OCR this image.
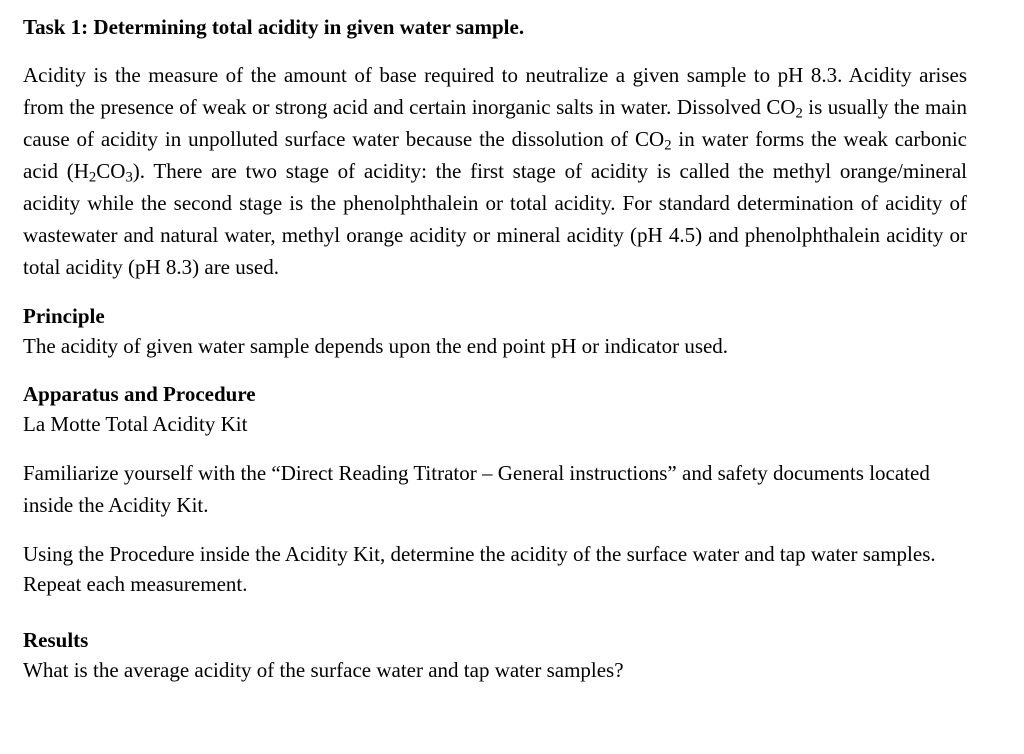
Task 1: Determining total acidity in given water sample.

Acidity is the measure of the amount of base required to neutralize a given sample to pH 8.3. Acidity arises from the presence of weak or strong acid and certain inorganic salts in water. Dissolved $CO_2$ is usually the main cause of acidity in unpolluted surface water because the dissolution of $CO_2$ in water forms the weak carbonic acid $(H_2CO_3)$. There are two stage of acidity: the first stage of acidity is called the methyl orange/mineral acidity while the second stage is the phenolphthalein or total acidity. For standard determination of acidity of wastewater and natural water, methyl orange acidity or mineral acidity (pH 4.5) and phenolphthalein acidity or total acidity (pH 8.3) are used.

Principle

The acidity of given water sample depends upon the end point pH or indicator used.

Apparatus and Procedure

La Motte Total Acidity Kit

Familiarize yourself with the “Direct Reading Titrator – General instructions” and safety documents located inside the Acidity Kit.

Using the Procedure inside the Acidity Kit, determine the acidity of the surface water and tap water samples. Repeat each measurement.

Results

What is the average acidity of the surface water and tap water samples?
